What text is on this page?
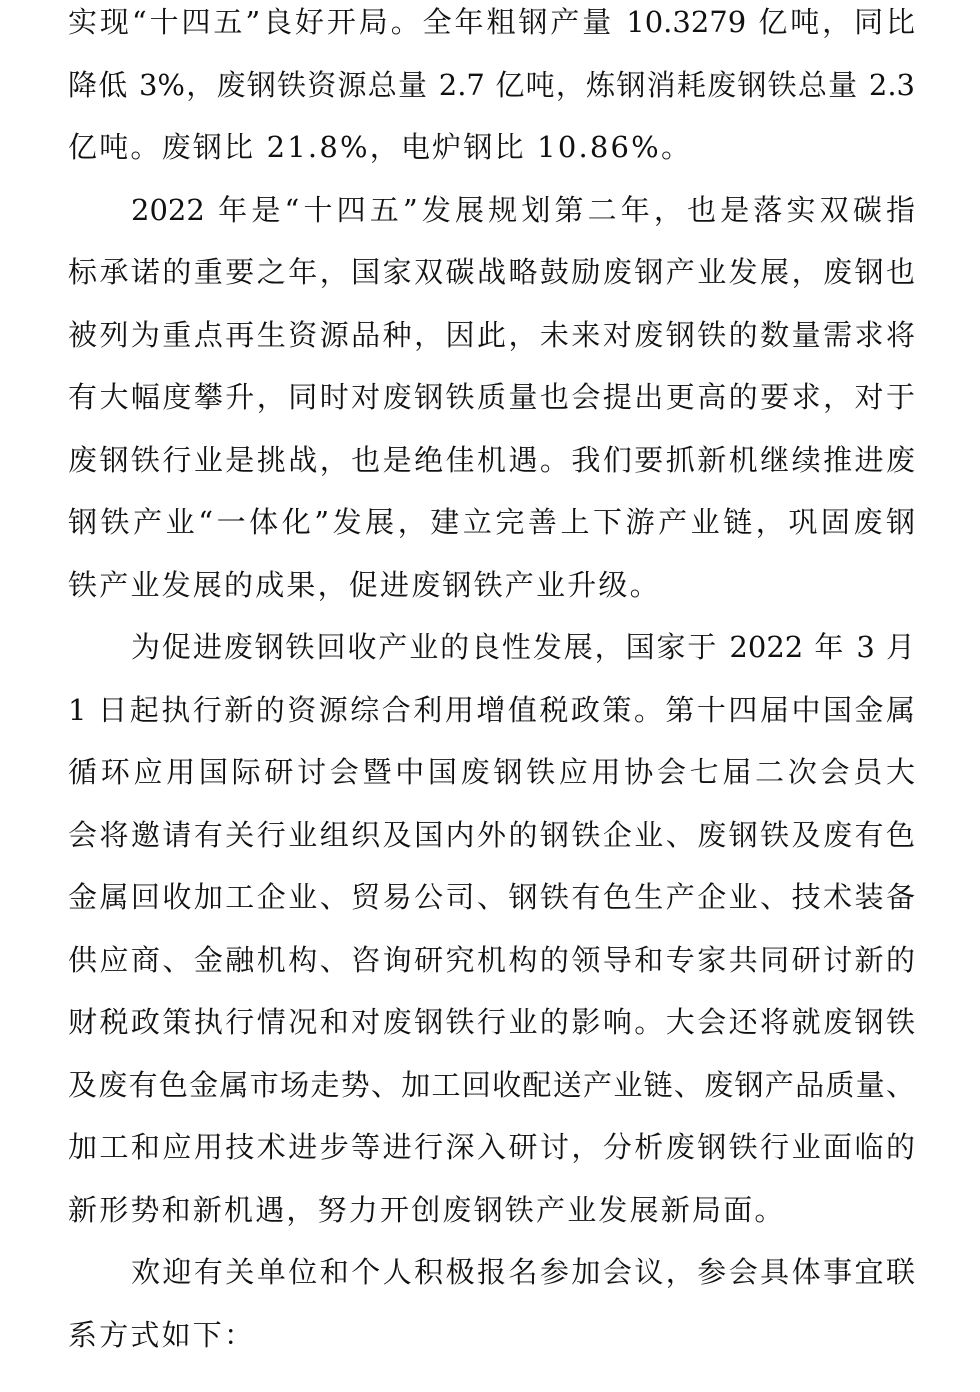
实现“十四五”良好开局。全年粗钢产量 10.3279 亿吨，同比
降低 3%，废钢铁资源总量 2.7 亿吨，炼钢消耗废钢铁总量 2.3
亿吨。废钢比 21.8%，电炉钢比 10.86%。
2022 年是“十四五”发展规划第二年，也是落实双碳指
标承诺的重要之年，国家双碳战略鼓励废钢产业发展，废钢也
被列为重点再生资源品种，因此，未来对废钢铁的数量需求将
有大幅度攀升，同时对废钢铁质量也会提出更高的要求，对于
废钢铁行业是挑战，也是绝佳机遇。我们要抓新机继续推进废
钢铁产业“一体化”发展，建立完善上下游产业链，巩固废钢
铁产业发展的成果，促进废钢铁产业升级。
为促进废钢铁回收产业的良性发展，国家于 2022 年 3 月
1 日起执行新的资源综合利用增值税政策。第十四届中国金属
循环应用国际研讨会暨中国废钢铁应用协会七届二次会员大
会将邀请有关行业组织及国内外的钢铁企业、废钢铁及废有色
金属回收加工企业、贸易公司、钢铁有色生产企业、技术装备
供应商、金融机构、咨询研究机构的领导和专家共同研讨新的
财税政策执行情况和对废钢铁行业的影响。大会还将就废钢铁
及废有色金属市场走势、加工回收配送产业链、废钢产品质量、
加工和应用技术进步等进行深入研讨，分析废钢铁行业面临的
新形势和新机遇，努力开创废钢铁产业发展新局面。
欢迎有关单位和个人积极报名参加会议，参会具体事宜联
系方式如下：
